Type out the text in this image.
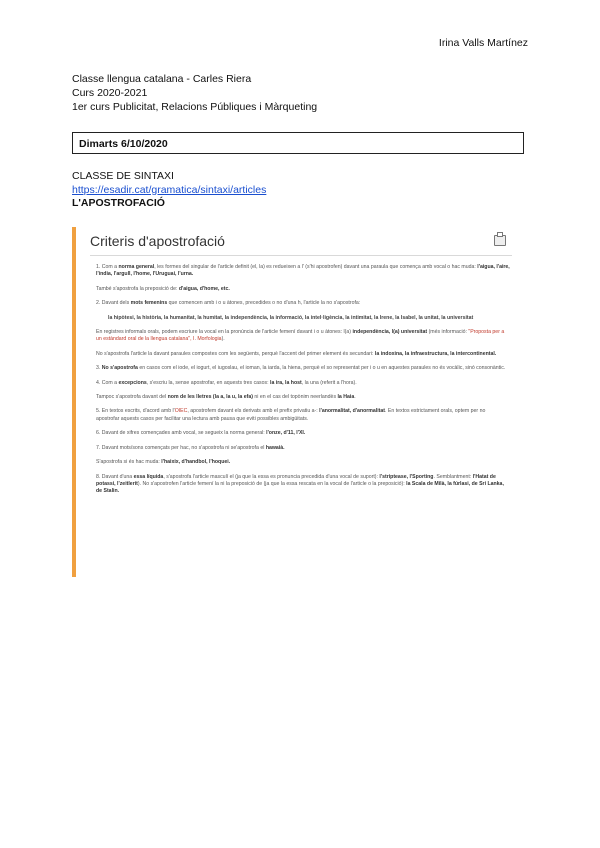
Irina Valls Martínez
Classe llengua catalana - Carles Riera
Curs 2020-2021
1er curs Publicitat, Relacions Públiques i Màrqueting
Dimarts 6/10/2020
CLASSE DE SINTAXI
https://esadir.cat/gramatica/sintaxi/articles
L'APOSTROFACIÓ
Criteris d'apostrofació

1. Com a norma general, les formes del singular de l'article definit (el, la) es redueixen a l' (s'hi apostrofen) davant una paraula que comença amb vocal o hac muda: l'aigua, l'aire, l'índia, l'argull, l'home, l'Uruguai, l'urna.

També s'apostrofa la preposició de: d'aigua, d'home, etc.

2. Davant dels mots femenins que comencen amb i o u àtones, precedides o no d'una h, l'article la no s'apostrofa:

la hipòtesi, la història, la humanitat, la humitat, la independència, la informació, la intel·ligència, la intimitat, la Irene, la Isabel, la unitat, la universitat

En registres informals orals, podem escriure la vocal en la pronúncia de l'article femení davant i o u àtones: l(a) independència, l(a) universitat (més informació: "Proposta per a un estàndard oral de la llengua catalana", I. Morfologia).

No s'apostrofa l'article la davant paraules compostes com les següents, perquè l'accent del primer element és secundari: la indoxina, la infraestructura, la intercontinental.

3. No s'apostrofa en casos com el iode, el iogurt, el iugoslau, el ioman, la iarda, la hiena, perquè el so representat per i o u en aquestes paraules no és vocàlic, sinó consonàntic.

4. Com a excepcions, s'escriu la, sense apostrofar, en aquests tres casos: la ira, la host, la una (referit a l'hora).

Tampoc s'apostrofa davant del nom de les lletres (la a, la u, la efa) ni en el cas del topònim neerlandès la Haia.

5. En textos escrits, d'acord amb l'OIEC, apostrofem davant els derivats amb el prefix privatiu a-: l'anormalitat, d'anormalitat. En textos estrictament orals, optem per no apostrofar aquests casos per facilitar una lectura amb pausa que eviti possibles ambigüitats.

6. Davant de xifres començades amb vocal, se segueix la norma general: l'onze, d'11, l'XI.

7. Davant mots/sons començats per hac, no s'apostrofa ni se'apostrofa el hawaià.

S'apostrofa si és hac muda: l'haixix, d'handbol, l'hoquei.

8. Davant d'una essa líquida, s'apostrofa l'article masculí el (ja que la essa es pronuncia precedida d'una vocal de suport): l'striptease, l'Sporting. Semblantment: l'Hatat de potassi, l'zeitlerit). No s'apostrofen l'article femení la ni la preposició de (ja que la essa rescata en la vocal de l'article o la preposició): la Scala de Milà, la fúrlasi, de Sri Lanka, de Stalin.
